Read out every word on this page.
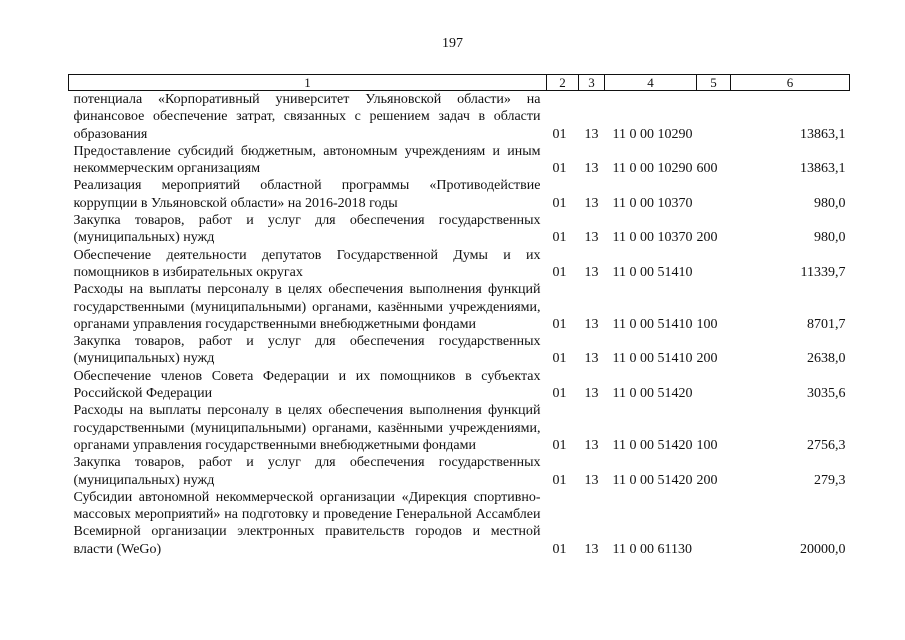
197
1	2	3	4	5	6
потенциала «Корпоративный университет Ульяновской области» на финансовое обеспечение затрат, связанных с решением задач в области образования	01	13	11 0 00 10290		13863,1
Предоставление субсидий бюджетным, автономным учреждениям и иным некоммерческим организациям	01	13	11 0 00 10290	600	13863,1
Реализация мероприятий областной программы «Противодействие коррупции в Ульяновской области» на 2016-2018 годы	01	13	11 0 00 10370		980,0
Закупка товаров, работ и услуг для обеспечения государственных (муниципальных) нужд	01	13	11 0 00 10370	200	980,0
Обеспечение деятельности депутатов Государственной Думы и их помощников в избирательных округах	01	13	11 0 00 51410		11339,7
Расходы на выплаты персоналу в целях обеспечения выполнения функций государственными (муниципальными) органами, казёнными учреждениями, органами управления государственными внебюджетными фондами	01	13	11 0 00 51410	100	8701,7
Закупка товаров, работ и услуг для обеспечения государственных (муниципальных) нужд	01	13	11 0 00 51410	200	2638,0
Обеспечение членов Совета Федерации и их помощников в субъектах Российской Федерации	01	13	11 0 00 51420		3035,6
Расходы на выплаты персоналу в целях обеспечения выполнения функций государственными (муниципальными) органами, казёнными учреждениями, органами управления государственными внебюджетными фондами	01	13	11 0 00 51420	100	2756,3
Закупка товаров, работ и услуг для обеспечения государственных (муниципальных) нужд	01	13	11 0 00 51420	200	279,3
Субсидии автономной некоммерческой организации «Дирекция спортивно-массовых мероприятий» на подготовку и проведение Генеральной Ассамблеи Всемирной организации электронных правительств городов и местной власти (WeGo)	01	13	11 0 00 61130		20000,0
